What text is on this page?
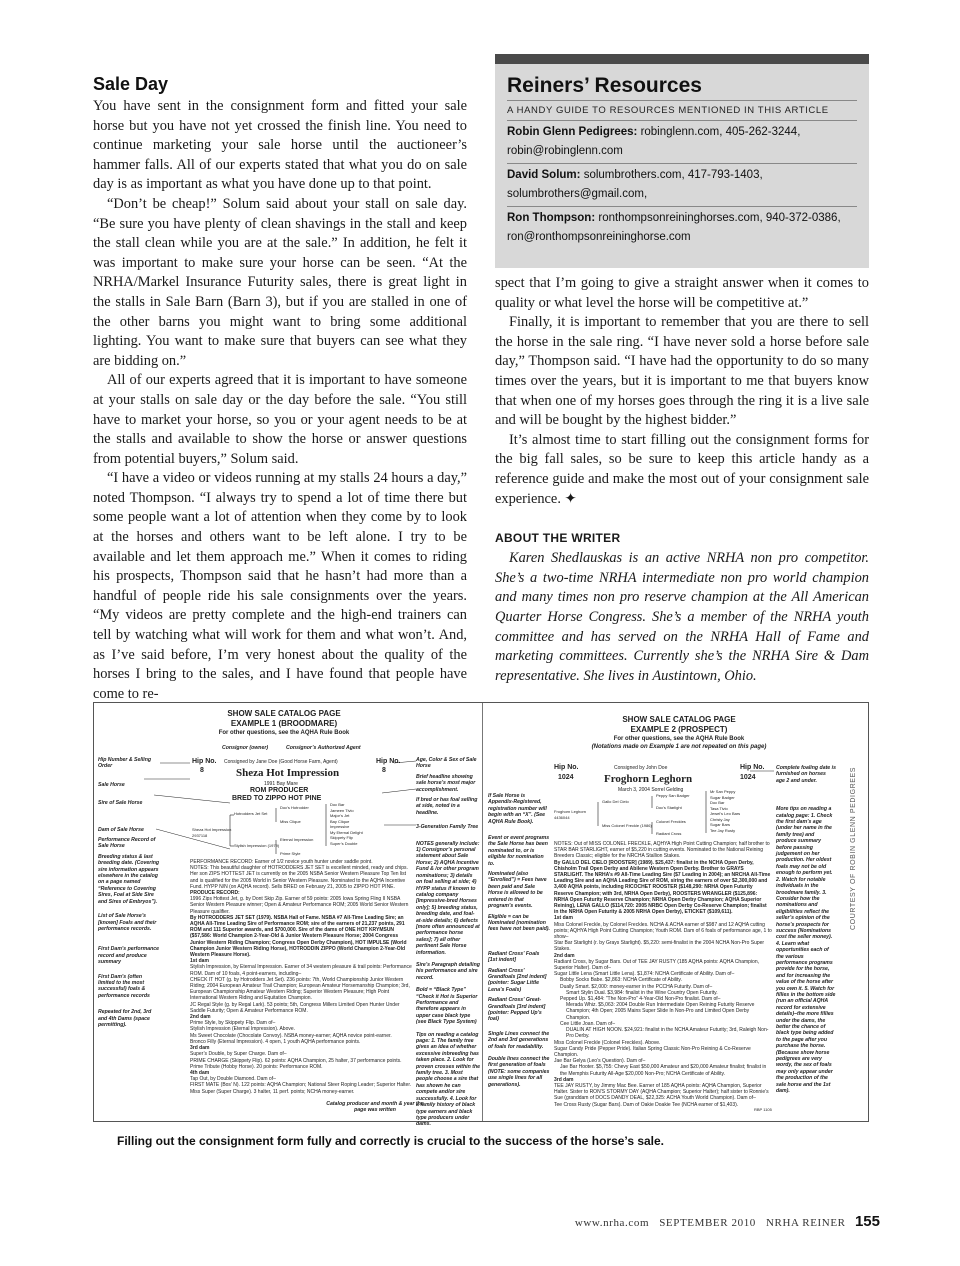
Sale Day

You have sent in the consignment form and fitted your sale horse but you have not yet crossed the finish line. You need to continue marketing your sale horse until the auctioneer’s hammer falls. All of our experts stated that what you do on sale day is as important as what you have done up to that point.

“Don’t be cheap!” Solum said about your stall on sale day. “Be sure you have plenty of clean shavings in the stall and keep the stall clean while you are at the sale.” In addition, he felt it was important to make sure your horse can be seen. “At the NRHA/Markel Insurance Futurity sales, there is great light in the stalls in Sale Barn (Barn 3), but if you are stalled in one of the other barns you might want to bring some additional lighting. You want to make sure that buyers can see what they are bidding on.”

All of our experts agreed that it is important to have someone at your stalls on sale day or the day before the sale. “You still have to market your horse, so you or your agent needs to be at the stalls and available to show the horse or answer questions from potential buyers,” Solum said.

“I have a video or videos running at my stalls 24 hours a day,” noted Thompson. “I always try to spend a lot of time there but some people want a lot of attention when they come by to look at the horses and others want to be left alone. I try to be available and let them approach me.” When it comes to riding his prospects, Thompson said that he hasn’t had more than a handful of people ride his sale consignments over the years. “My videos are pretty complete and the high-end trainers can tell by watching what will work for them and what won’t. And, as I’ve said before, I’m very honest about the quality of the horses I bring to the sales, and I have found that people have come to re-

Reiners’ Resources
A HANDY GUIDE TO RESOURCES MENTIONED IN THIS ARTICLE
Robin Glenn Pedigrees: robinglenn.com, 405-262-3244,
robin@robinglenn.com
David Solum: solumbrothers.com, 417-793-1403,
solumbrothers@gmail.com,
Ron Thompson: ronthompsonreininghorses.com, 940-372-0386,
ron@ronthompsonreininghorse.com

spect that I’m going to give a straight answer when it comes to quality or what level the horse will be competitive at.”

Finally, it is important to remember that you are there to sell the horse in the sale ring. “I have never sold a horse before sale day,” Thompson said. “I have had the opportunity to do so many times over the years, but it is important to me that buyers know that when one of my horses goes through the ring it is a live sale and will be bought by the highest bidder.”

It’s almost time to start filling out the consignment forms for the big fall sales, so be sure to keep this article handy as a reference guide and make the most out of your consignment sale experience. ✦

ABOUT THE WRITER

Karen Shedlauskas is an active NRHA non pro competitor. She’s a two-time NRHA intermediate non pro world champion and many times non pro reserve champion at the All American Quarter Horse Congress. She’s a member of the NRHA youth committee and has served on the NRHA Hall of Fame and marketing committees. Currently she’s the NRHA Sire & Dam representative. She lives in Austintown, Ohio.

SHOW SALE CATALOG PAGE
EXAMPLE 1 (BROODMARE)
For other questions, see the AQHA Rule Book
Consignor (owner)	Consignor’s Authorized Agent
Hip Number & Selling Order
Sale Horse
Sire of Sale Horse
Dam of Sale Horse
Performance Record of Sale Horse
Breeding status & last breeding date. (Covering sire information appears elsewhere in the catalog on a page named “Reference to Covering Sires, Foal at Side Sire and Sires of Embryos”).
List of Sale Horse’s [known] Foals and their performance records.
First Dam’s performance record and produce summary
First Dam’s (often limited to the most successful) foals & performance records
Repeated for 2nd, 3rd and 4th Dams (space permitting).
Hip No.
8
Hip No.
8
Consigned by Jane Doe (Good Horse Farm, Agent)
Sheza Hot Impression
1991 Bay Mare
ROM PRODUCER
BRED TO ZIPPO HOT PINE
Sheza Hot Impression 2937118
Hotrodders Jet Set
Stylish Impression (1979)
Doc’s Hotrodder
Miss Clique
Eternal Impression
Prime Style
Doc Bar
Jameen Tivio
Major’s Jet
Bay Clique
Impressive
My Eternal Delight
Skippety Flip
Super’s Double
Age, Color & Sex of Sale Horse
Brief headline showing sale horse’s most major accomplishment.
If bred or has foal selling at side, noted in a headline.
3-Generation Family Tree
NOTES generally include: 1) Consignor’s personal statement about Sale Horse; 2) AQHA Incentive Fund & /or other program nominations; 3) details on foal selling at side; 4) HYPP status if known to catalog company [Impressive-bred Horses only]; 5) breeding status, breeding date, and foal-at-side details; 6) defects [more often announced at performance horse sales]; 7) all other pertinent Sale Horse information.
Sire’s Paragraph detailing his performance and sire record.
Bold = “Black Type” “Check it Hot is Superior Performance and therefore appears in upper case black type (see Black Type System)
Tips on reading a catalog page: 1. The family tree gives an idea of whether excessive inbreeding has taken place. 2. Look for proven crosses within the family tree. 3. Most people choose a sire that has shown he can compete and/or sire successfully. 4. Look for a family history of black type earners and black type producers under dams.
PERFORMANCE RECORD: Earner of 1/2 novice youth hunter under saddle point.
NOTES: This beautiful daughter of HOTRODDERS JET SET is excellent minded, ready and chips. Her son ZIPS HOTTEST JET is currently on the 2005 NSBA Senior Western Pleasure Top Ten list and is qualified for the 2005 World in Senior Western Pleasure. Nominated to the AQHA Incentive Fund. HYPP N/N (on AQHA record). Sells BRED on February 21, 2005 to ZIPPO HOT PINE.
PRODUCE RECORD:
1996 Zips Hottest Jet, g. by Dont Skip Zip. Earner of 59 points: 2005 Iowa Spring Fling II NSBA Senior Western Pleasure winner; Open & Amateur Performance ROM; 2005 World Senior Western Pleasure qualifier.
By HOTRODDERS JET SET (1979). NSBA Hall of Fame. NSBA #7 All-Time Leading Sire; an AQHA All-Time Leading Sire of Performance ROM; sire of the earners of 21,237 points, 291 ROM and 111 Superior awards, and $700,000. Sire of the dams of ONE HOT KRYMSUN ($57,586: World Champion 2-Year-Old & Junior Western Pleasure Horse; 2004 Congress Junior Western Riding Champion; Congress Open Derby Champion), HOT IMPULSE (World Champion Junior Western Riding Horse), HOTRODDIN ZIPPO (World Champion 2-Year-Old Western Pleasure Horse).
1st dam
Stylish Impression, by Eternal Impression. Earner of 34 western pleasure & trail points: Performance ROM. Dam of 10 foals, 4 point-earners, including–
CHECK IT HOT (g. by Hotrodders Jet Set). 236 points: 7th, World Championship Junior Western Riding; 2004 European Amateur Trail Champion; European Amateur Horsemanship Champion; 3rd, European Championship Amateur Western Riding; Superior Western Pleasure; High Point International Western Riding and Equitation Champion.
JC Regal Style (g. by Regal Lark). 53 points; 5th, Congress Millers Limited Open Hunter Under Saddle Futurity; Open & Amateur Performance ROM.
2nd dam
Prime Style, by Skippety Flip. Dam of–
Stylish Impression (Eternal Impression). Above.
Ms Sweet Chocolate (Chocolate Convoy). NSBA money-earner; AQHA novice point-earner.
Bronco Filly (Eternal Impression). 4 open, 1 youth AQHA performance points.
3rd dam
Super’s Double, by Super Charge. Dam of–
PRIME CHARGE (Skippety Flip). 62 points: AQHA Champion, 25 halter, 37 performance points.
Prime Tribute (Hobby Horse). 20 points: Performance ROM.
4th dam
Tap Out, by Double Diamond. Dam of–
FIRST MATE (Bos’ N). 122 points: AQHA Champion; National Steer Roping Leader; Superior Halter.
Miss Super (Super Charge). 3 halter, 11 perf. points; NCHA money-earner.
Catalog producer and month & year the page was written
SHOW SALE CATALOG PAGE
EXAMPLE 2 (PROSPECT)
For other questions, see the AQHA Rule Book
(Notations made on Example 1 are not repeated on this page)
Hip No.
1024
Hip No.
1024
Consigned by John Doe
Froghorn Leghorn
March 3, 2004 Sorrel Gelding
If Sale Horse is Appendix-Registered, registration number will begin with an “X”. (See AQHA Rule Book).
Event or event programs the Sale Horse has been nominated to, or is eligible for nomination to.
Nominated (also “Enrolled”) = Fees have been paid and Sale Horse is allowed to be entered in that program’s events.
Eligible = can be Nominated (nomination fees have not been paid).
Radiant Cross’ Foals [1st indent]
Radiant Cross’ Grandfoals [2nd indent] (pointer: Sugar Little Lena’s Foals)
Radiant Cross’ Great-Grandfoals [3rd indent] (pointer: Pepped Up’s foal)
Single Lines connect the 2nd and 3rd generations of foals for readability.
Double lines connect the first generation of foals (NOTE: some companies use single lines for all generations).
Froghorn Leghorn 4436044
Gallo Del Cielo
Miss Colonel Freckle (1986)
Peppy San Badger
Doc’s Starlight
Colonel Freckles
Radiant Cross
Mr San Peppy
Sugar Badger
Doc Bar
Tasa Tivio
Jewel’s Leo Bars
Christy Jay
Sugar Bars
Tee Jay Rusty
Complete foaling date is furnished on horses age 2 and under.
More tips on reading a catalog page: 1. Check the first dam’s age (under her name in the family tree) and produce summary before passing judgement on her production. Her oldest foals may not be old enough to perform yet. 2. Watch for notable individuals in the broodmare family. 3. Consider how the nominations and eligibilities reflect the seller’s opinion of the horse’s prospects for success (Nominations cost the seller money). 4. Learn what opportunities each of the various performance programs provide for the horse, and for increasing the value of the horse after you own it. 5. Watch for fillies in the bottom side (run an official AQHA record for extensive details)–the more fillies under the dams, the better the chance of black type being added to the page after you purchase the horse. (Because show horse pedigrees are very wordy, the sex of foals may only appear under the production of the sale horse and the 1st dam).
NOTES: Out of MISS COLONEL FRECKLE, AQHYA High Point Cutting Champion; half brother to STAR BAR STARLIGHT, earner of $5,220 in cutting events. Nominated to the National Reining Breeders Classic; eligible for the NRCHA Stallion Stakes.
By GALLO DEL CIELO [ROOSTER] (1989). $25,437: finalist in the NCHA Open Derby, Chisholm Trail Open Derby and Abilene Western Open Derby. Brother to GRAYS STARLIGHT. The NRHA’s #9 All-Time Leading Sire ($7 Leading in 2004); an NRCHA All-Time Leading Sire and an AQHA Leading Sire of ROM, siring the earners of over $2,300,000 and 3,400 AQHA points, including RICOCHET ROOSTER ($148,290: NRHA Open Futurity Reserve Champion; with 3rd, NRHA Open Derby), ROOSTERS WRANGLER ($125,896: NRHA Open Futurity Reserve Champion; NRHA Open Derby Champion; AQHA Superior Reining), LENA GALLO ($114,720: 2005 NRBC Open Derby Co-Reserve Champion; finalist in the NRHA Open Futurity & 2005 NRHA Open Derby), ETICKET ($109,611).
1st dam
Miss Colonel Freckle, by Colonel Freckles. NCHA & ACHA earner of $987 and 12 AQHA cutting points; AQHYA High Point Cutting Champion; Youth ROM. Dam of 6 foals of performance age, 1 to show–
Star Bar Starlight (r. by Grays Starlight). $5,220: semi-finalist in the 2004 NCHA Non-Pro Super Stakes.
2nd dam
Radiant Cross, by Sugar Bars. Out of TEE JAY RUSTY (185 AQHA points: AQHA Champion, Superior Halter). Dam of–
Sugar Little Lena (Smart Little Lena). $1,874: NCHA Certificate of Ability. Dam of–
Bobby Socks Babe. $2,863: NCHA Certificate of Ability.
Dually Smart. $2,000: money-earner in the PCCHA Futurity. Dam of–
Smart Stylin Dual. $3,984: finalist in the Wine Country Open Futurity.
Pepped Up. $1,484: “The Non-Pro” 4-Year-Old Non-Pro finalist. Dam of–
Merada Whiz. $5,063: 2004 Double Run Intermediate Open Reining Futurity Reserve Champion; 4th Open; 2005 Mains Super Slide In Non-Pro and Limited Open Derby Champion.
Cee Little Joan. Dam of–
DUALIN AT HIGH NOON. $24,921: finalist in the NCHA Amateur Futurity; 3rd, Raleigh Non-Pro Derby.
Miss Colonel Freckle (Colonel Freckles). Above.
Sugar Candy Pride (Pepper Pride). Italian Spring Classic Non-Pro Reining & Co-Reserve Champion.
Jae Bar Gelya (Leo’s Question). Dam of–
Jae Bar Hooter. $5,755: Chevy East $50,000 Amateur and $20,000 Amateur finalist; finalist in the Memphis Futurity All-Age $20,000 Non-Pro; NCHA Certificate of Ability.
3rd dam
TEE JAY RUSTY, by Jimmy Mac Bee. Earner of 185 AQHA points: AQHA Champion, Superior Halter. Sister to RON’S STORMY DAY (AQHA Champion; Superior Halter); half sister to Ronnie’s Sue (granddam of DOCS DANDY DEAL, $22,325: ACHA Youth World Champion). Dam of–
Tee Cross Rusty (Sugar Bars). Dam of Oakie Doakie Tee (NCHA earner of $1,403).
RBP 1105
COURTESY OF ROBIN GLENN PEDIGREES
Filling out the consignment form fully and correctly is crucial to the success of the horse’s sale.
www.nrha.com SEPTEMBER 2010 NRHA REINER 155
